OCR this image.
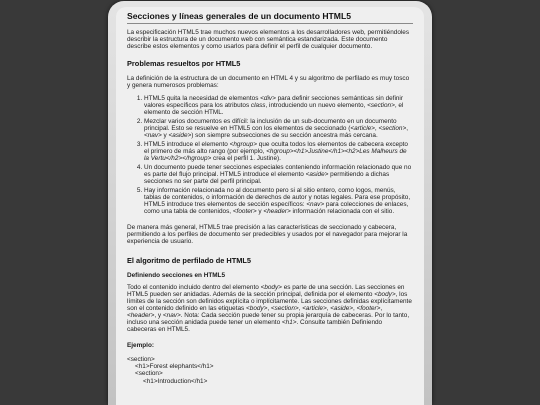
Secciones y líneas generales de un documento HTML5

La especificación HTML5 trae muchos nuevos elementos a los desarrolladores web, permitiéndoles describir la estructura de un documento web con semántica estandarizada. Este documento describe estos elementos y como usarlos para definir el perfil de cualquier documento.

Problemas resueltos por HTML5

La definición de la estructura de un documento en HTML 4 y su algoritmo de perfilado es muy tosco y genera numerosos problemas:

1. HTML5 quita la necesidad de elementos <div> para definir secciones semánticas sin definir valores específicos para los atributos class, introduciendo un nuevo elemento, <section>, el elemento de sección HTML.
2. Mezclar varios documentos es difícil: la inclusión de un sub-documento en un documento principal. Esto se resuelve en HTML5 con los elementos de seccionado (<article>, <section>, <nav> y <aside>) son siempre subsecciones de su sección ancestra más cercana.
3. HTML5 introduce el elemento <hgroup> que oculta todos los elementos de cabecera excepto el primero de más alto rango (por ejemplo, <hgroup><h1>Justine</h1><h2>Les Malheurs de la Vertu</h2></hgroup> crea el perfil 1. Justine).
4. Un documento puede tener secciones especiales conteniendo información relacionado que no es parte del flujo principal. HTML5 introduce el elemento <aside> permitiendo a dichas secciones no ser parte del perfil principal.
5. Hay información relacionada no al documento pero si al sitio entero, como logos, menús, tablas de contenidos, o información de derechos de autor y notas legales. Para ese propósito, HTML5 introduce tres elementos de sección específicos: <nav> para colecciones de enlaces, como una tabla de contenidos, <footer> y <header> información relacionada con el sitio.

De manera más general, HTML5 trae precisión a las características de seccionado y cabecera, permitiendo a los perfiles de documento ser predecibles y usados por el navegador para mejorar la experiencia de usuario.

El algoritmo de perfilado de HTML5
Definiendo secciones en HTML5

Todo el contenido incluido dentro del elemento <body> es parte de una sección. Las secciones en HTML5 pueden ser anidadas. Además de la sección principal, definida por el elemento <body>, los límites de la sección son definidos explícita o implícitamente. Las secciones definidas explícitamente son el contenido definido en las etiquetas <body>, <section>, <article>, <aside>, <footer>, <header>, y <nav>. Nota: Cada sección puede tener su propia jerarquía de cabeceras. Por lo tanto, incluso una sección anidada puede tener un elemento <h1>. Consulte también Definiendo cabeceras en HTML5.

Ejemplo:
<section>
<h1>Forest elephants</h1>
<section>
<h1>Introduction</h1>
